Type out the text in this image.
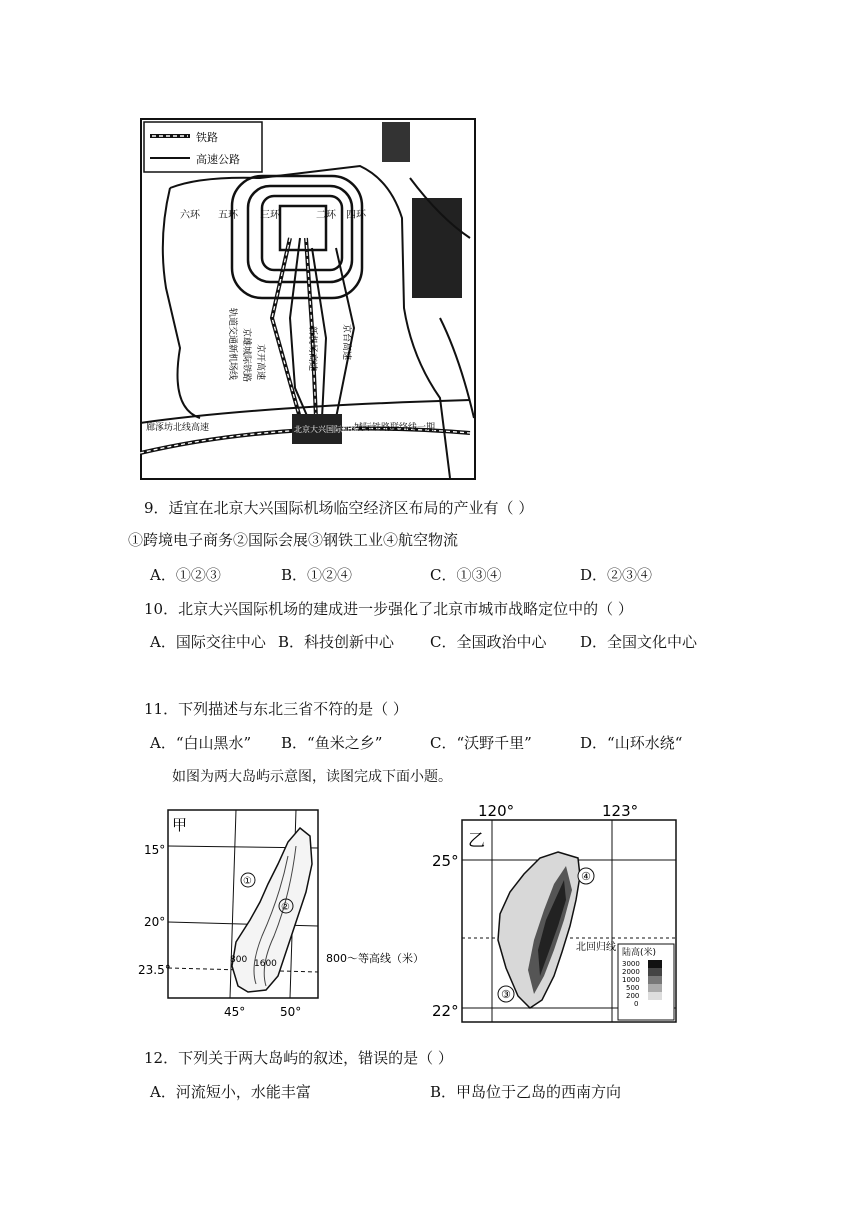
铁路
高速公路
六环 五环	四环
三环	二环
轨道交通新机场线 京雄城际铁路 京开高速	新机场高速	京台高速
廊涿坊北线高速	城际铁路联络线一期
北京大兴国际机场
9．适宜在北京大兴国际机场临空经济区布局的产业有（ ）
①跨境电子商务②国际会展③钢铁工业④航空物流
A．①②③	B．①②④	C．①③④	D．②③④
10．北京大兴国际机场的建成进一步强化了北京市城市战略定位中的（ ）
A．国际交往中心 B．科技创新中心 C．全国政治中心 D．全国文化中心
11．下列描述与东北三省不符的是（ ）
A．“白山黑水” B．“鱼米之乡”	C．“沃野千里”	D．“山环水绕“
如图为两大岛屿示意图，读图完成下面小题。
甲
①
②
800 1600
15°
20°
23.5°
45°	50°
800～等高线（米）
120°	123°
乙
④
③
北回归线 陆高(米)
3000
2000
1000
500
200
0
25°
22°
12．下列关于两大岛屿的叙述，错误的是（ ）
A．河流短小，水能丰富	B．甲岛位于乙岛的西南方向
